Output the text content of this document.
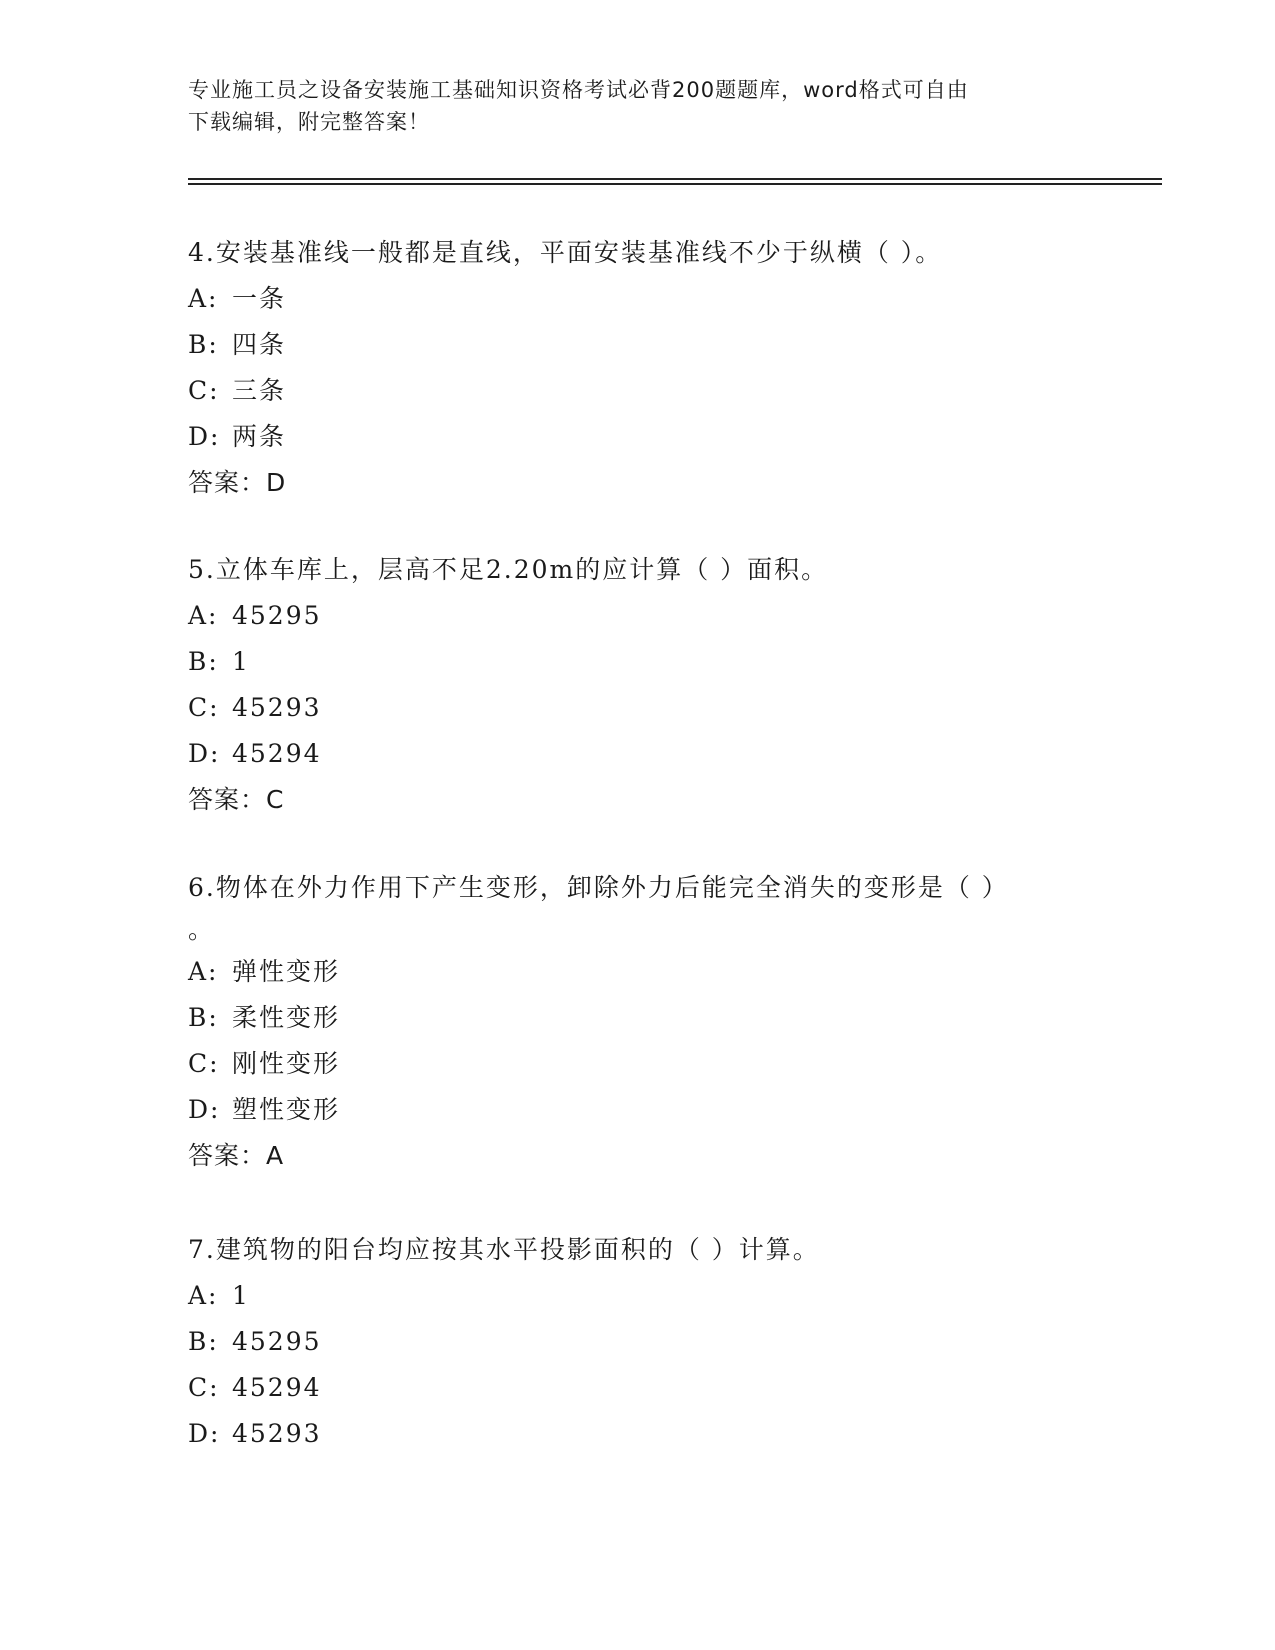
专业施工员之设备安装施工基础知识资格考试必背200题题库，word格式可自由
下载编辑，附完整答案！
4.安装基准线一般都是直线，平面安装基准线不少于纵横（ ）。
A: 一条
B: 四条
C: 三条
D: 两条
答案：D
5.立体车库上，层高不足2.20m的应计算（ ）面积。
A: 45295
B: 1
C: 45293
D: 45294
答案：C
6.物体在外力作用下产生变形，卸除外力后能完全消失的变形是（ ）
。
A: 弹性变形
B: 柔性变形
C: 刚性变形
D: 塑性变形
答案：A
7.建筑物的阳台均应按其水平投影面积的（ ）计算。
A: 1
B: 45295
C: 45294
D: 45293
